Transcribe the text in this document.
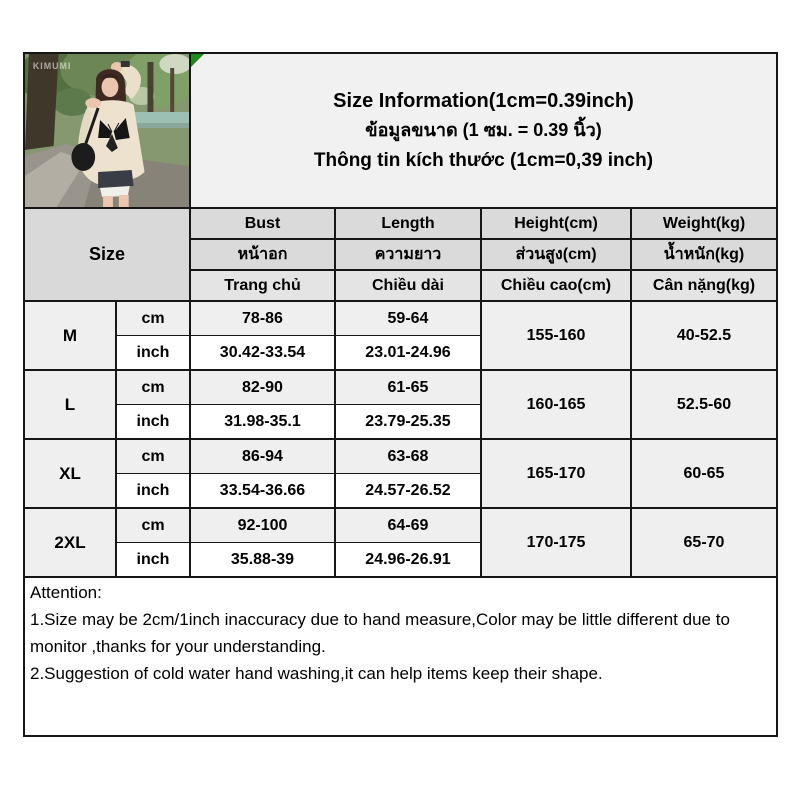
KIMUMI		Size Information(1cm=0.39inch)
ข้อมูลขนาด (1 ซม. = 0.39 นิ้ว)
Thông tin kích thước (1cm=0,39 inch)			

Size		Bust	Length	Height(cm)	Weight(kg)
		หน้าอก	ความยาว	ส่วนสูง(cm)	น้ำหนัก(kg)
		Trang chủ	Chiều dài	Chiều cao(cm)	Cân nặng(kg)
M	cm	78-86	59-64	155-160	40-52.5
	inch	30.42-33.54	23.01-24.96		
L	cm	82-90	61-65	160-165	52.5-60
	inch	31.98-35.1	23.79-25.35		
XL	cm	86-94	63-68	165-170	60-65
	inch	33.54-36.66	24.57-26.52		
2XL	cm	92-100	64-69	170-175	65-70
	inch	35.88-39	24.96-26.91		

Attention:
1.Size may be 2cm/1inch inaccuracy due to hand measure,Color may be little different due to monitor ,thanks for your understanding.
2.Suggestion of cold water hand washing,it can help items keep their shape.					
